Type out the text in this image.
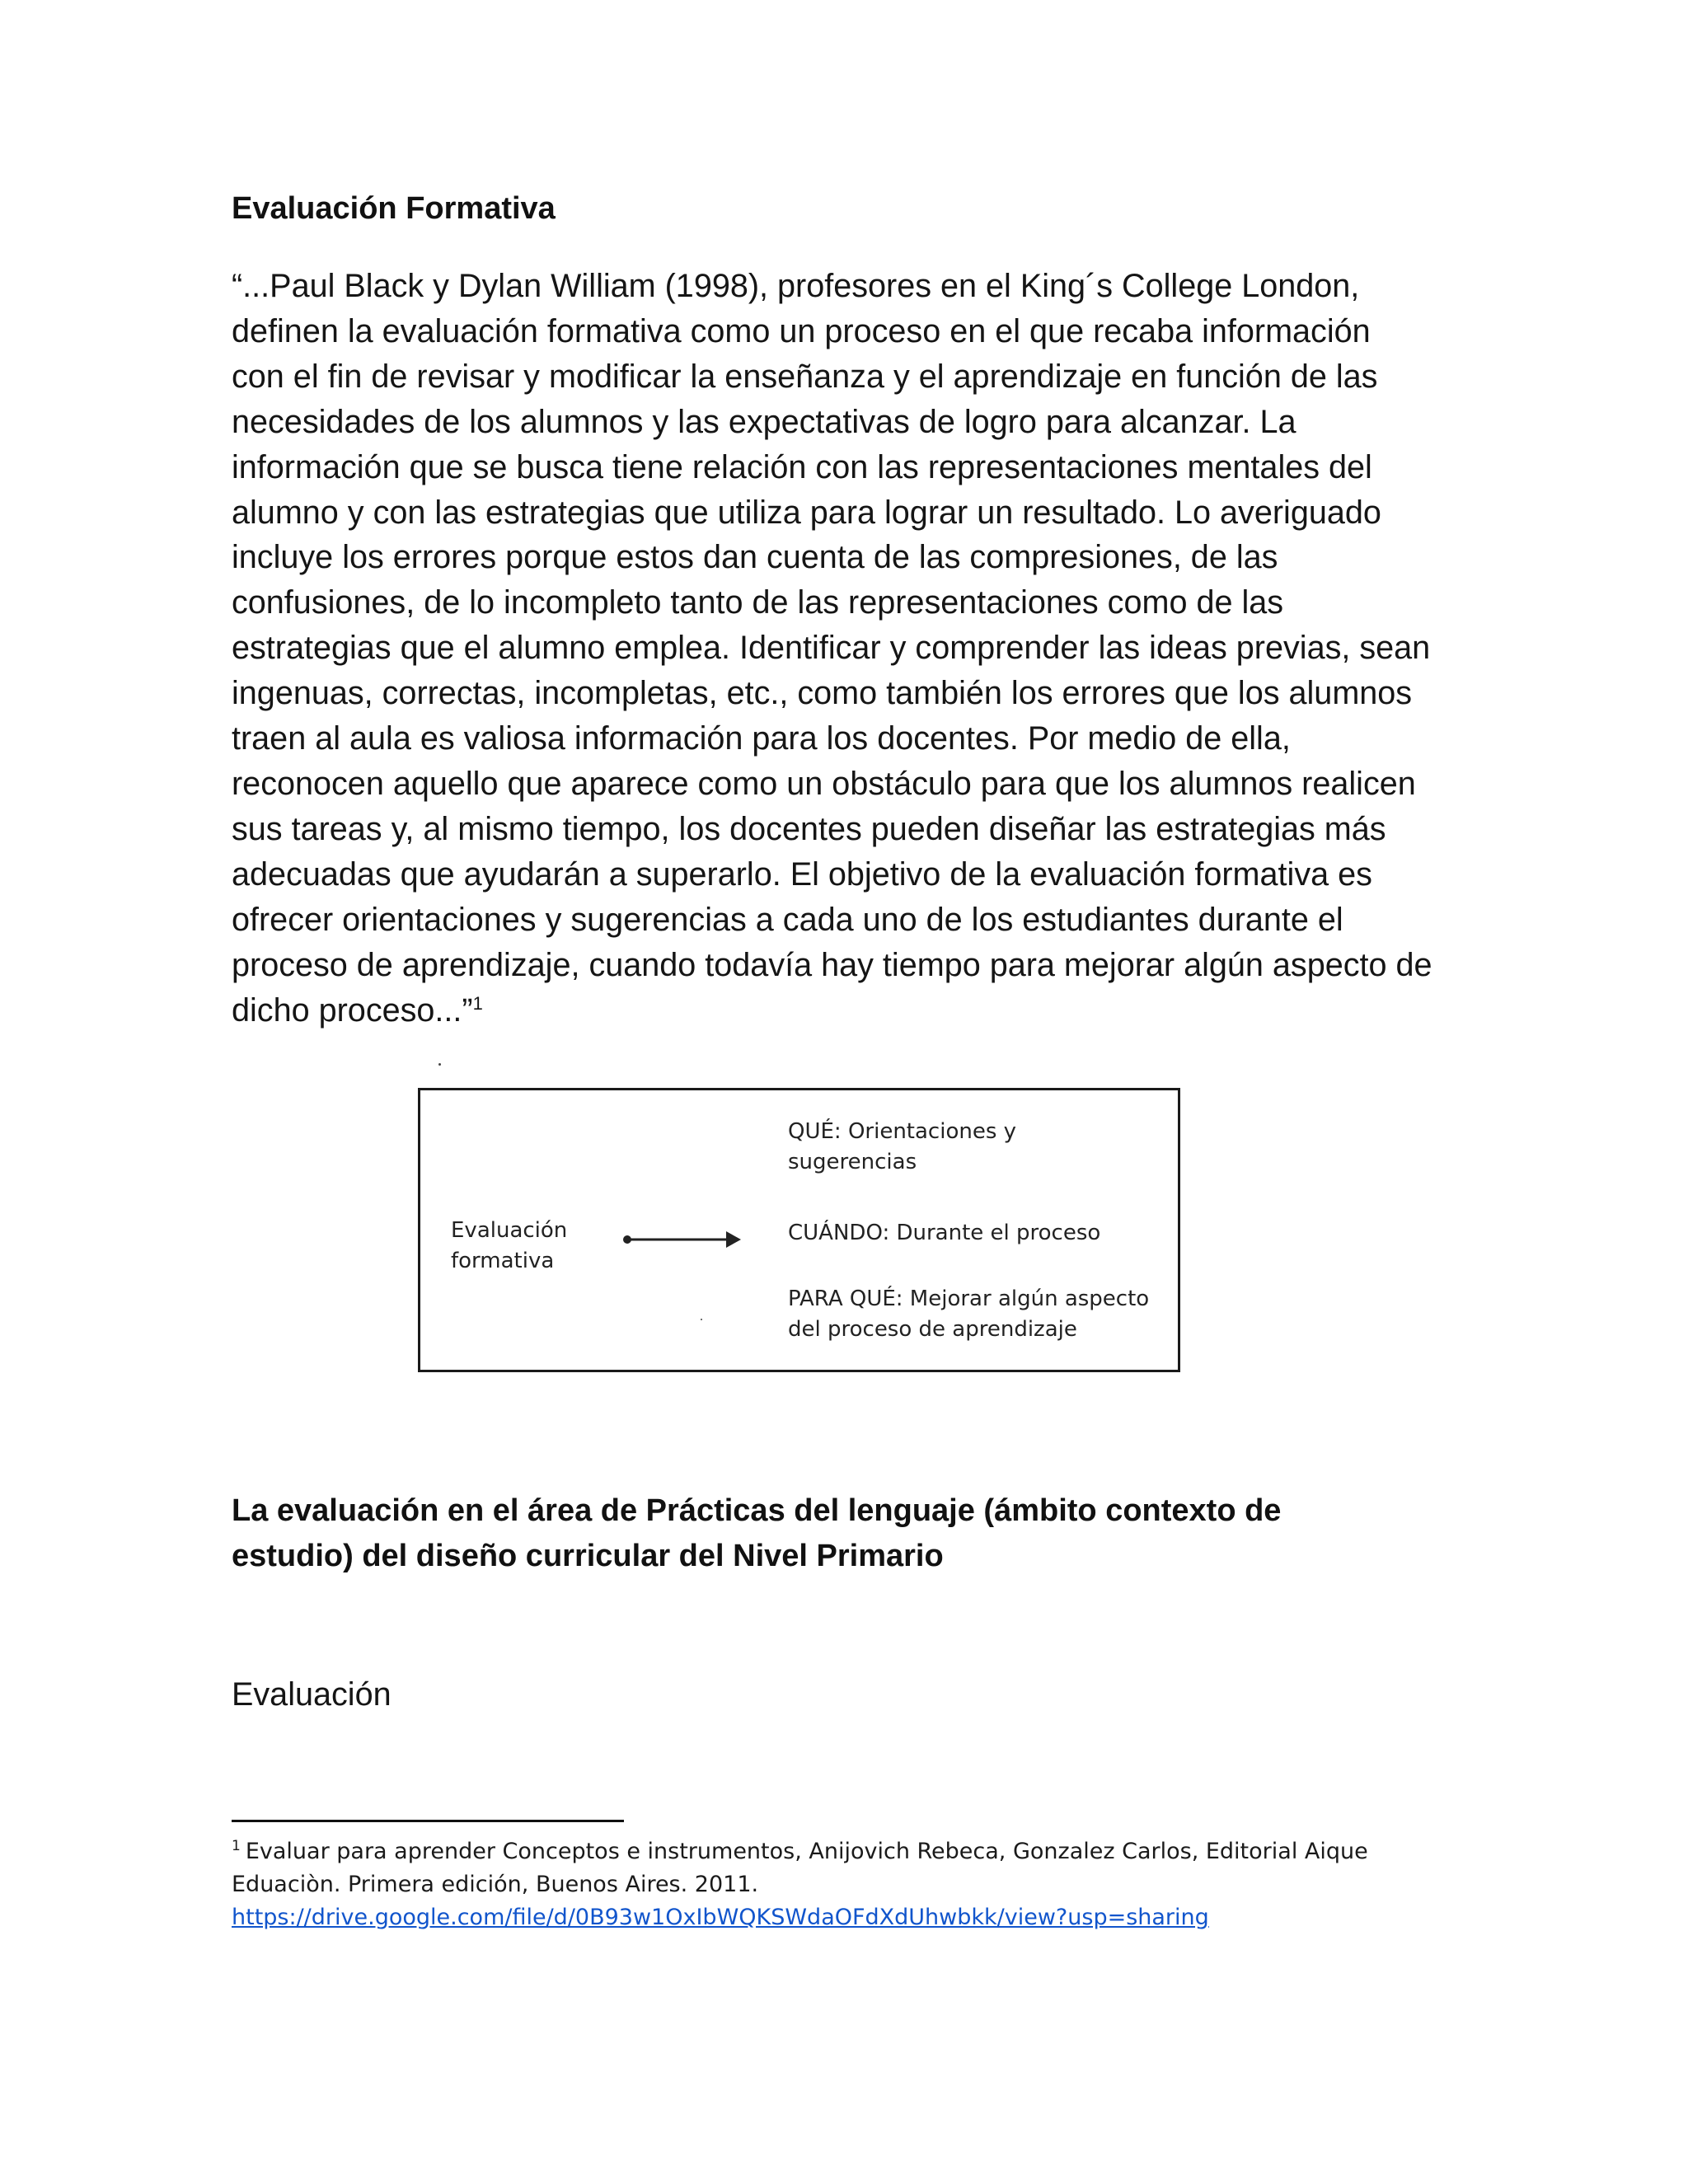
Evaluación Formativa
“...Paul Black y Dylan William (1998), profesores en el King´s College London,
definen la evaluación formativa como un proceso en el que recaba información
con el fin de revisar y modificar la enseñanza y el aprendizaje en función de las
necesidades de los alumnos y las expectativas de logro para alcanzar. La
información que se busca tiene relación con las representaciones mentales del
alumno y con las estrategias que utiliza para lograr un resultado. Lo averiguado
incluye los errores porque estos dan cuenta de las compresiones, de las
confusiones, de lo incompleto tanto de las representaciones como de las
estrategias que el alumno emplea. Identificar y comprender las ideas previas, sean
ingenuas, correctas, incompletas, etc., como también los errores que los alumnos
traen al aula es valiosa información para los docentes. Por medio de ella,
reconocen aquello que aparece como un obstáculo para que los alumnos realicen
sus tareas y, al mismo tiempo, los docentes pueden diseñar las estrategias más
adecuadas que ayudarán a superarlo. El objetivo de la evaluación formativa es
ofrecer orientaciones y sugerencias a cada uno de los estudiantes durante el
proceso de aprendizaje, cuando todavía hay tiempo para mejorar algún aspecto de
dicho proceso...”$^1$
Evaluación
formativa
QUÉ: Orientaciones y
sugerencias
CUÁNDO: Durante el proceso
PARA QUÉ: Mejorar algún aspecto
del proceso de aprendizaje
La evaluación en el área de Prácticas del lenguaje (ámbito contexto de
estudio) del diseño curricular del Nivel Primario
Evaluación
$^1$ Evaluar para aprender Conceptos e instrumentos, Anijovich Rebeca, Gonzalez Carlos, Editorial Aique
Eduaciòn. Primera edición, Buenos Aires. 2011.
https://drive.google.com/file/d/0B93w1OxIbWQKSWdaOFdXdUhwbkk/view?usp=sharing
